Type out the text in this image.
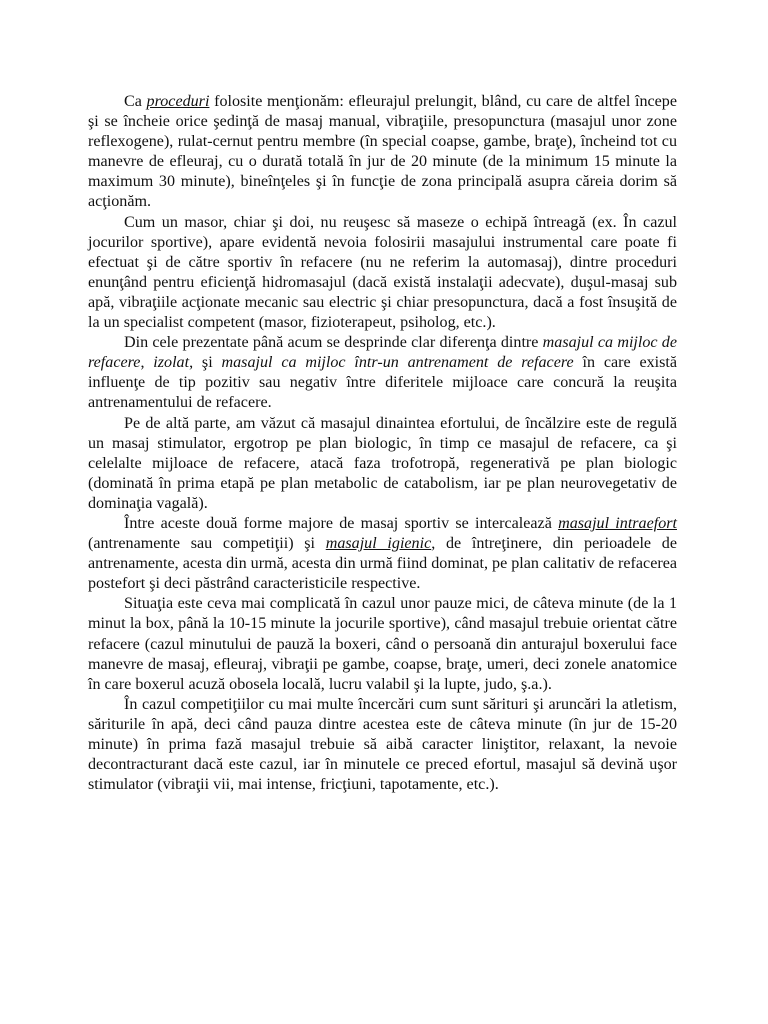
Ca proceduri folosite menţionăm: efleurajul prelungit, blând, cu care de altfel începe şi se încheie orice şedinţă de masaj manual, vibraţiile, presopunctura (masajul unor zone reflexogene), rulat-cernut pentru membre (în special coapse, gambe, braţe), încheind tot cu manevre de efleuraj, cu o durată totală în jur de 20 minute (de la minimum 15 minute la maximum 30 minute), bineînţeles şi în funcţie de zona principală asupra căreia dorim să acţionăm.

Cum un masor, chiar şi doi, nu reuşesc să maseze o echipă întreagă (ex. În cazul jocurilor sportive), apare evidentă nevoia folosirii masajului instrumental care poate fi efectuat şi de către sportiv în refacere (nu ne referim la automasaj), dintre proceduri enunţând pentru eficienţă hidromasajul (dacă există instalaţii adecvate), duşul-masaj sub apă, vibraţiile acţionate mecanic sau electric şi chiar presopunctura, dacă a fost însuşită de la un specialist competent (masor, fizioterapeut, psiholog, etc.).

Din cele prezentate până acum se desprinde clar diferenţa dintre masajul ca mijloc de refacere, izolat, şi masajul ca mijloc într-un antrenament de refacere în care există influenţe de tip pozitiv sau negativ între diferitele mijloace care concură la reuşita antrenamentului de refacere.

Pe de altă parte, am văzut că masajul dinaintea efortului, de încălzire este de regulă un masaj stimulator, ergotrop pe plan biologic, în timp ce masajul de refacere, ca şi celelalte mijloace de refacere, atacă faza trofotropă, regenerativă pe plan biologic (dominată în prima etapă pe plan metabolic de catabolism, iar pe plan neurovegetativ de dominaţia vagală).

Între aceste două forme majore de masaj sportiv se intercalează masajul intraefort (antrenamente sau competiţii) şi masajul igienic, de întreţinere, din perioadele de antrenamente, acesta din urmă, acesta din urmă fiind dominat, pe plan calitativ de refacerea postefort şi deci păstrând caracteristicile respective.

Situaţia este ceva mai complicată în cazul unor pauze mici, de câteva minute (de la 1 minut la box, până la 10-15 minute la jocurile sportive), când masajul trebuie orientat către refacere (cazul minutului de pauză la boxeri, când o persoană din anturajul boxerului face manevre de masaj, efleuraj, vibraţii pe gambe, coapse, braţe, umeri, deci zonele anatomice în care boxerul acuză obosela locală, lucru valabil şi la lupte, judo, ş.a.).

În cazul competiţiilor cu mai multe încercări cum sunt sărituri şi aruncări la atletism, săriturile în apă, deci când pauza dintre acestea este de câteva minute (în jur de 15-20 minute) în prima fază masajul trebuie să aibă caracter liniştitor, relaxant, la nevoie decontracturant dacă este cazul, iar în minutele ce preced efortul, masajul să devină uşor stimulator (vibraţii vii, mai intense, fricţiuni, tapotamente, etc.).
